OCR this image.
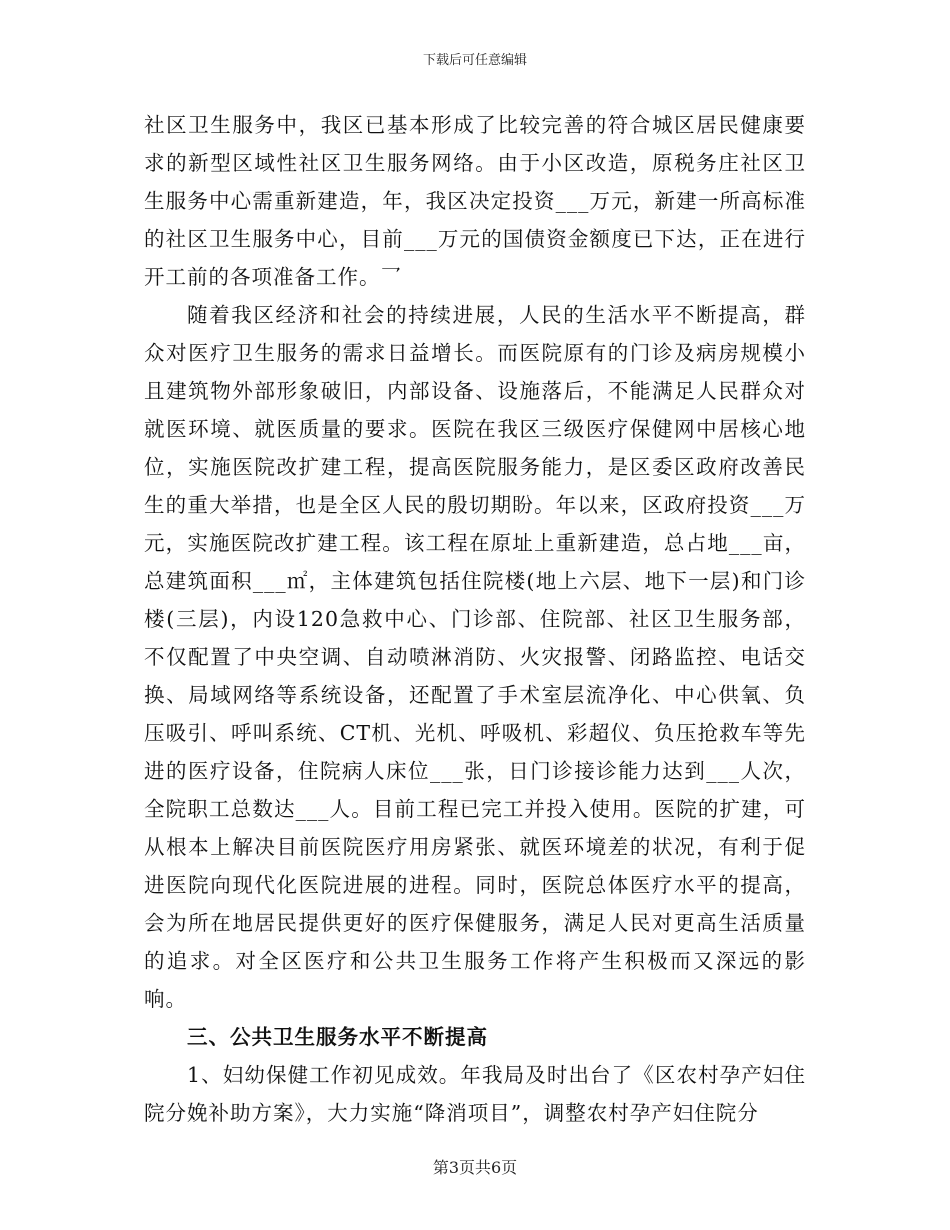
下载后可任意编辑

社区卫生服务中，我区已基本形成了比较完善的符合城区居民健康要求的新型区域性社区卫生服务网络。由于小区改造，原税务庄社区卫生服务中心需重新建造，年，我区决定投资___万元，新建一所高标准的社区卫生服务中心，目前___万元的国债资金额度已下达，正在进行开工前的各项准备工作。乛

随着我区经济和社会的持续进展，人民的生活水平不断提高，群众对医疗卫生服务的需求日益增长。而医院原有的门诊及病房规模小且建筑物外部形象破旧，内部设备、设施落后，不能满足人民群众对就医环境、就医质量的要求。医院在我区三级医疗保健网中居核心地位，实施医院改扩建工程，提高医院服务能力，是区委区政府改善民生的重大举措，也是全区人民的殷切期盼。年以来，区政府投资___万元，实施医院改扩建工程。该工程在原址上重新建造，总占地___亩，总建筑面积___㎡，主体建筑包括住院楼(地上六层、地下一层)和门诊楼(三层)，内设120急救中心、门诊部、住院部、社区卫生服务部，不仅配置了中央空调、自动喷淋消防、火灾报警、闭路监控、电话交换、局域网络等系统设备，还配置了手术室层流净化、中心供氧、负压吸引、呼叫系统、CT机、光机、呼吸机、彩超仪、负压抢救车等先进的医疗设备，住院病人床位___张，日门诊接诊能力达到___人次，全院职工总数达___人。目前工程已完工并投入使用。医院的扩建，可从根本上解决目前医院医疗用房紧张、就医环境差的状况，有利于促进医院向现代化医院进展的进程。同时，医院总体医疗水平的提高，会为所在地居民提供更好的医疗保健服务，满足人民对更高生活质量的追求。对全区医疗和公共卫生服务工作将产生积极而又深远的影响。

三、公共卫生服务水平不断提高

1、妇幼保健工作初见成效。年我局及时出台了《区农村孕产妇住院分娩补助方案》，大力实施“降消项目”，调整农村孕产妇住院分

第3页共6页
